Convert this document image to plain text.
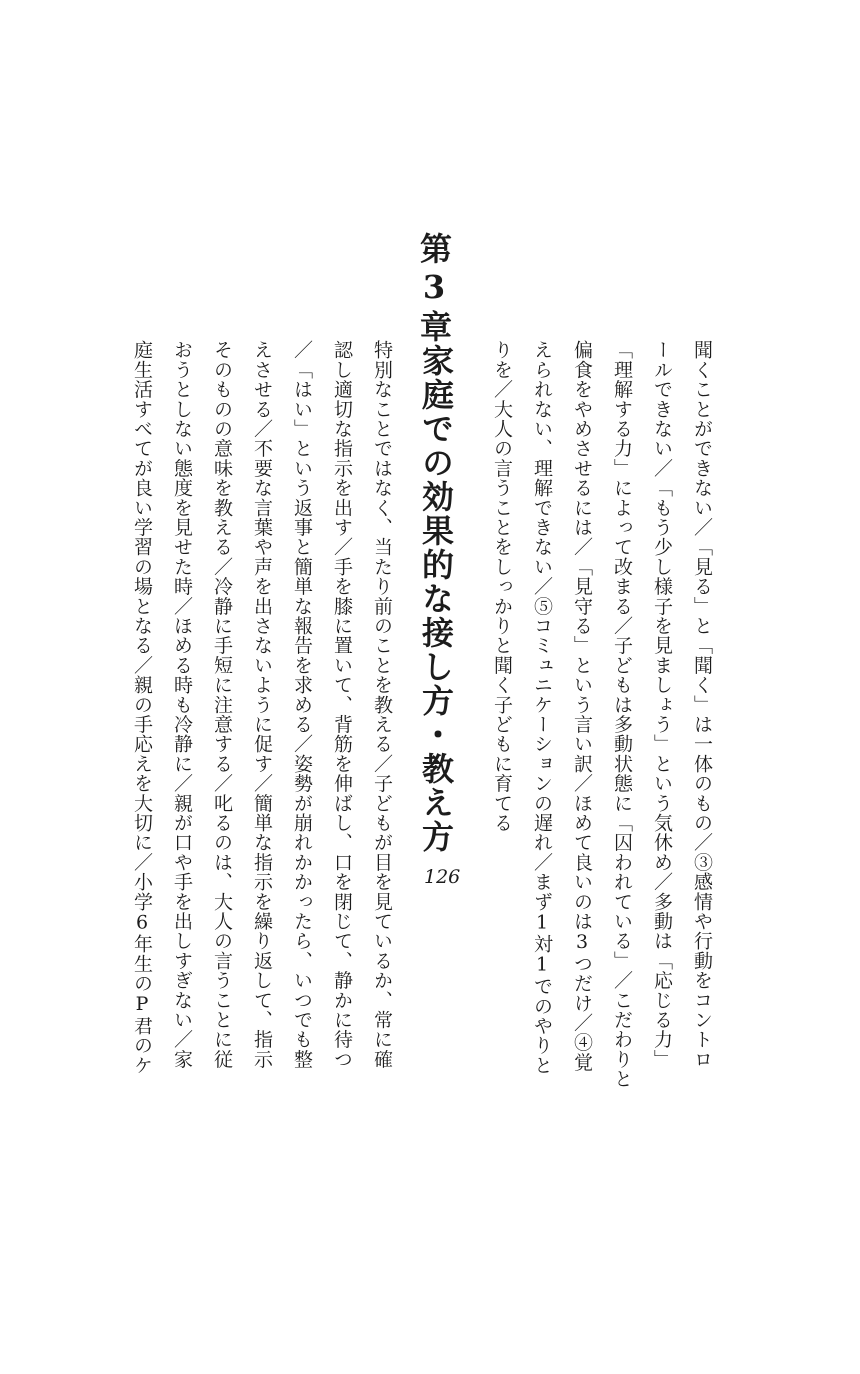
聞くことができない／「見る」と「聞く」は一体のもの／③感情や行動をコントロ
ールできない／「もう少し様子を見ましょう」という気休め／多動は「応じる力」
「理解する力」によって改まる／子どもは多動状態に「囚われている」／こだわりと
偏食をやめさせるには／「見守る」という言い訳／ほめて良いのは3つだけ／④覚
えられない、理解できない／⑤コミュニケーションの遅れ／まず1対1でのやりと
りを／大人の言うことをしっかりと聞く子どもに育てる
第3章
家庭での効果的な接し方・教え方
126
特別なことではなく、当たり前のことを教える／子どもが目を見ているか、常に確
認し適切な指示を出す／手を膝に置いて、背筋を伸ばし、口を閉じて、静かに待つ
／「はい」という返事と簡単な報告を求める／姿勢が崩れかかったら、いつでも整
えさせる／不要な言葉や声を出さないように促す／簡単な指示を繰り返して、指示
そのものの意味を教える／冷静に手短に注意する／叱るのは、大人の言うことに従
おうとしない態度を見せた時／ほめる時も冷静に／親が口や手を出しすぎない／家
庭生活すべてが良い学習の場となる／親の手応えを大切に／小学6年生のP君のケ
